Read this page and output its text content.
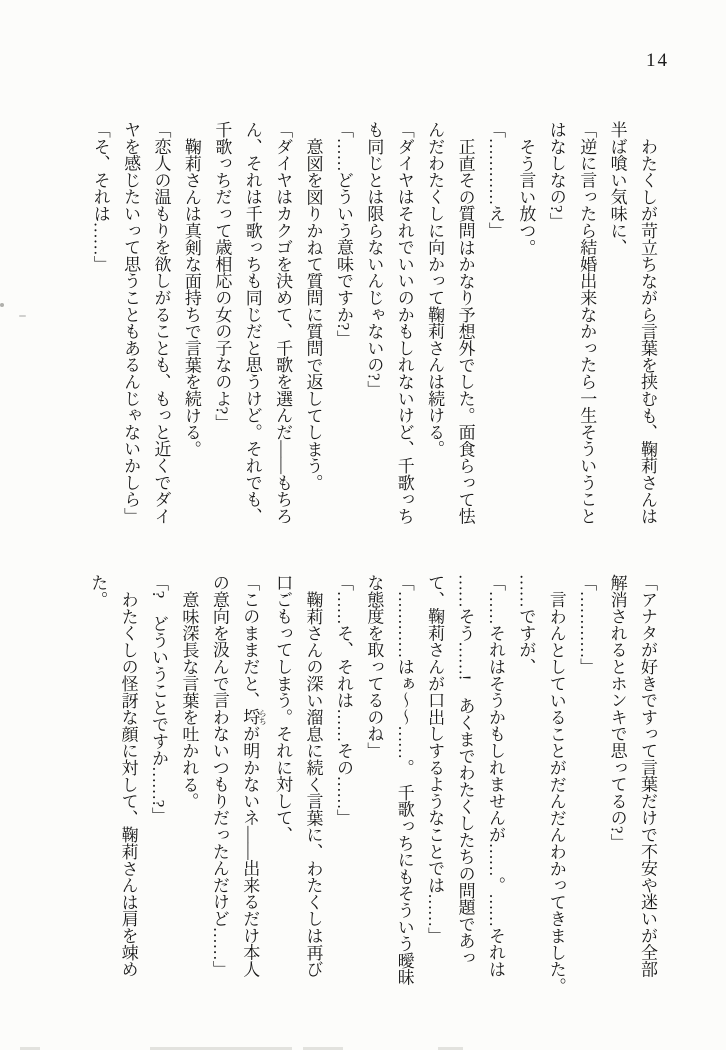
14
わたくしが苛立ちながら言葉を挟むも、鞠莉さんは
半ば喰い気味に、
「逆に言ったら結婚出来なかったら一生そういうこと
はなしなの?」
そう言い放つ。
「…………え」
正直その質問はかなり予想外でした。面食らって怯
んだわたくしに向かって鞠莉さんは続ける。
「ダイヤはそれでいいのかもしれないけど、千歌っち
も同じとは限らないんじゃないの?」
「……どういう意味ですか?」
意図を図りかねて質問に質問で返してしまう。
「ダイヤはカクゴを決めて、千歌を選んだ——もちろ
ん、それは千歌っちも同じだと思うけど。それでも、
千歌っちだって歳相応の女の子なのよ?」
鞠莉さんは真剣な面持ちで言葉を続ける。
「恋人の温もりを欲しがることも、もっと近くでダイ
ヤを感じたいって思うこともあるんじゃないかしら」
「そ、それは……」
「アナタが好きですって言葉だけで不安や迷いが全部
解消されるとホンキで思ってるの?」
「…………」
言わんとしていることがだんだんわかってきました。
……ですが、
「……それはそうかもしれませんが……。……それは
……そう……!　あくまでわたくしたちの問題であっ
て、鞠莉さんが口出しするようなことでは……」
「…………はぁ〜〜……。　千歌っちにもそういう曖昧
な態度を取ってるのね」
「……そ、それは……その……」
鞠莉さんの深い溜息に続く言葉に、わたくしは再び
口ごもってしまう。それに対して、
「このままだと、埒 らちが明かないネ——出来るだけ本人
の意向を汲んで言わないつもりだったんだけど……」
意味深長な言葉を吐かれる。
「?　どういうことですか……?」
わたくしの怪訝な顔に対して、鞠莉さんは肩を竦め
た。
